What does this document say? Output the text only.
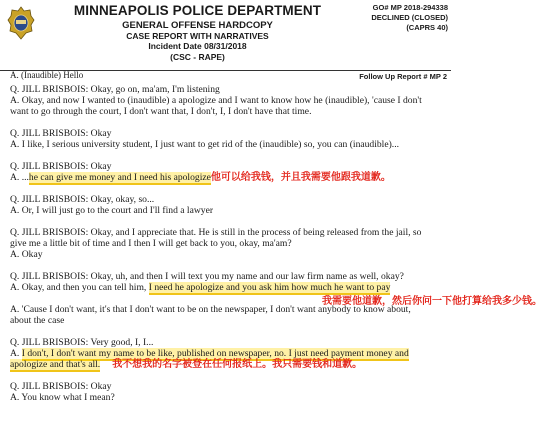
MINNEAPOLIS POLICE DEPARTMENT
GENERAL OFFENSE HARDCOPY
CASE REPORT WITH NARRATIVES
Incident Date 08/31/2018
(CSC - RAPE)
GO# MP 2018-294338
DECLINED (CLOSED)
(CAPRS 40)
A. (Inaudible) Hello	Follow Up Report # MP 2
Q. JILL BRISBOIS: Okay, go on, ma'am, I'm listening
A. Okay, and now I wanted to (inaudible) a apologize and I want to know how he (inaudible), 'cause I don't
want to go through the court, I don't want that, I don't, I, I don't have that time.
Q. JILL BRISBOIS: Okay
A. I like, I serious university student, I just want to get rid of the (inaudible) so, you can (inaudible)...
Q. JILL BRISBOIS: Okay
A. ...he can give me money and I need his apologize他可以给我钱，并且我需要他跟我道歉。
Q. JILL BRISBOIS: Okay, okay, so...
A. Or, I will just go to the court and I'll find a lawyer
Q. JILL BRISBOIS: Okay, and I appreciate that. He is still in the process of being released from the jail, so
give me a little bit of time and I then I will get back to you, okay, ma'am?
A. Okay
Q. JILL BRISBOIS: Okay, uh, and then I will text you my name and our law firm name as well, okay?
A. Okay, and then you can tell him, I need he apologize and you ask him how much he want to pay
我需要他道歉，然后你问一下他打算给我多少钱。
A. 'Cause I don't want, it's that I don't want to be on the newspaper, I don't want anybody to know about,
about the case
Q. JILL BRISBOIS: Very good, I, I...
A. I don't, I don't want my name to be like, published on newspaper, no. I just need payment money and
apologize and that's all. 我不想我的名字被登在任何报纸上。我只需要钱和道歉。
Q. JILL BRISBOIS: Okay
A. You know what I mean?
